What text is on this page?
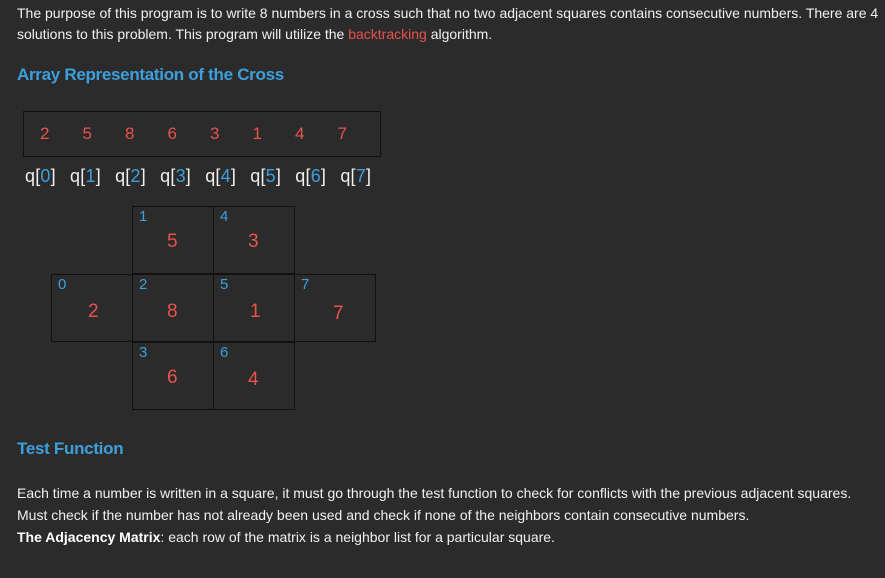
The purpose of this program is to write 8 numbers in a cross such that no two adjacent squares contains consecutive numbers. There are 4 solutions to this problem. This program will utilize the backtracking algorithm.
Array Representation of the Cross
2	5	8	6	3	1	4	7
q[0] q[1] q[2] q[3] q[4] q[5] q[6] q[7]
1
5
4
3
0
2
2
8
5
1
7
7
3
6
6
4
Test Function
Each time a number is written in a square, it must go through the test function to check for conflicts with the previous adjacent squares.
Must check if the number has not already been used and check if none of the neighbors contain consecutive numbers.
The Adjacency Matrix: each row of the matrix is a neighbor list for a particular square.
